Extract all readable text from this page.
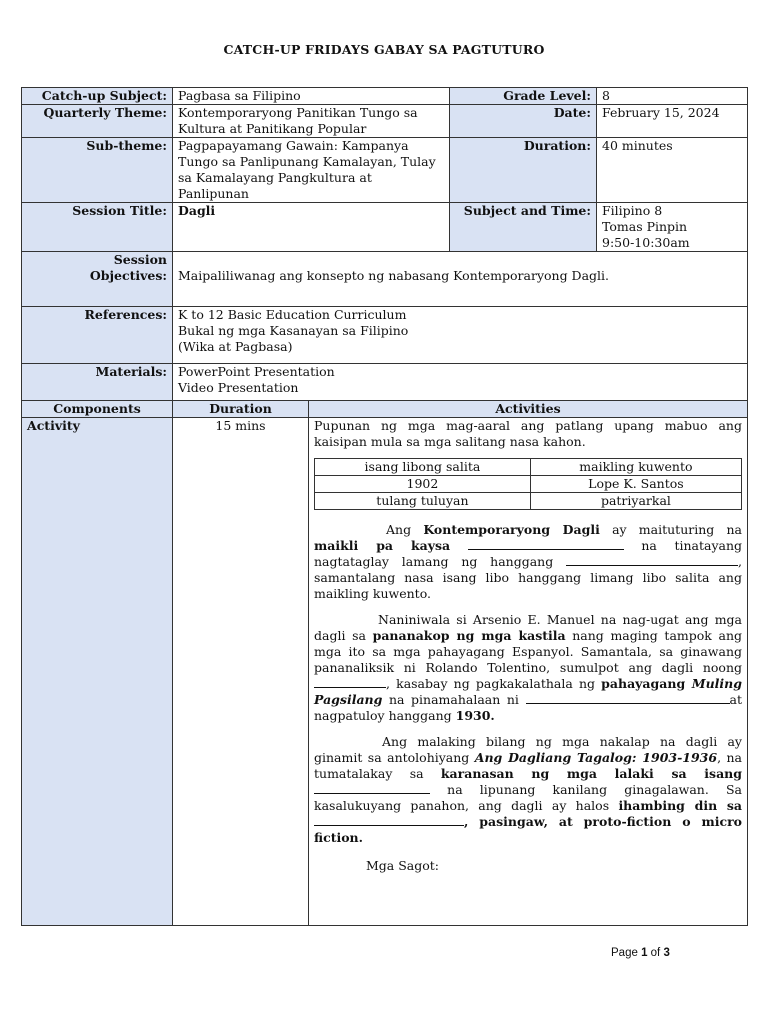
CATCH-UP FRIDAYS GABAY SA PAGTUTURO
Catch-up Subject:	Pagbasa sa Filipino	Grade Level:	8
Quarterly Theme:	Kontemporaryong Panitikan Tungo sa Kultura at Panitikang Popular	Date:	February 15, 2024
Sub-theme:	Pagpapayamang Gawain: Kampanya Tungo sa Panlipunang Kamalayan, Tulay sa Kamalayang Pangkultura at Panlipunan	Duration:	40 minutes
Session Title:	Dagli	Subject and Time:	Filipino 8
Tomas Pinpin
9:50-10:30am

Session
Objectives:	Maipaliliwanag ang konsepto ng nabasang Kontemporaryong Dagli.
References:	K to 12 Basic Education Curriculum
Bukal ng mga Kasanayan sa Filipino
(Wika at Pagbasa)

Materials:	PowerPoint Presentation
Video Presentation

Components	Duration	Activities
Activity	15 mins	Pupunan ng mga mag-aaral ang patlang upang mabuo ang kaisipan mula sa mga salitang nasa kahon.

isang libong salita	maikling kuwento
1902	Lope K. Santos
tulang tuluyan	patriyarkal

Ang Kontemporaryong Dagli ay maituturing na maikli pa kaysa	na tinatayang nagtataglay lamang ng hanggang	, samantalang nasa isang libo hanggang limang libo salita ang maikling kuwento.

Naniniwala si Arsenio E. Manuel na nag-ugat ang mga dagli sa pananakop ng mga kastila nang maging tampok ang mga ito sa mga pahayagang Espanyol. Samantala, sa ginawang pananaliksik ni Rolando Tolentino, sumulpot ang dagli noong , kasabay ng pagkakalathala ng pahayagang Muling Pagsilang na pinamahalaan ni	at nagpatuloy hanggang 1930.

Ang malaking bilang ng mga nakalap na dagli ay ginamit sa antolohiyang Ang Dagliang Tagalog: 1903-1936, na tumatalakay sa karanasan ng mga lalaki sa isang  na lipunang kanilang ginagalawan. Sa kasalukuyang panahon, ang dagli ay halos ihambing din sa , pasingaw, at proto-fiction o micro fiction.

Mga Sagot:
Page 1 of 3
